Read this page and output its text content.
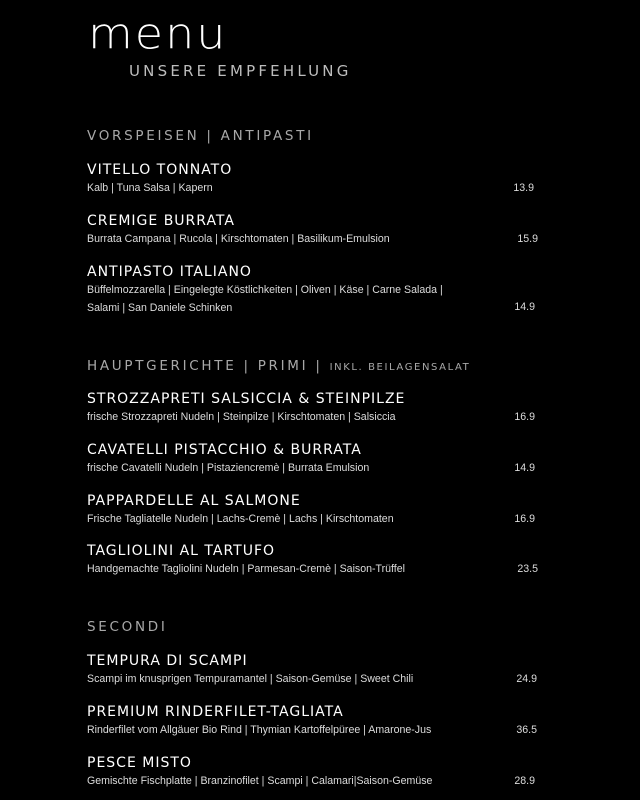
menu
UNSERE EMPFEHLUNG
VORSPEISEN | ANTIPASTI
VITELLO TONNATO
Kalb | Tuna Salsa | Kapern	13.9
CREMIGE BURRATA
Burrata Campana | Rucola | Kirschtomaten | Basilikum-Emulsion	15.9
ANTIPASTO ITALIANO
Büffelmozzarella | Eingelegte Köstlichkeiten | Oliven | Käse | Carne Salada |
Salami | San Daniele Schinken	14.9
HAUPTGERICHTE | PRIMI | INKL. BEILAGENSALAT
STROZZAPRETI SALSICCIA & STEINPILZE
frische Strozzapreti Nudeln | Steinpilze | Kirschtomaten | Salsiccia	16.9
CAVATELLI PISTACCHIO & BURRATA
frische Cavatelli Nudeln | Pistaziencremè | Burrata Emulsion	14.9
PAPPARDELLE AL SALMONE
Frische Tagliatelle Nudeln | Lachs-Cremè | Lachs | Kirschtomaten	16.9
TAGLIOLINI AL TARTUFO
Handgemachte Tagliolini Nudeln | Parmesan-Cremè | Saison-Trüffel	23.5
SECONDI
TEMPURA DI SCAMPI
Scampi im knusprigen Tempuramantel | Saison-Gemüse | Sweet Chili	24.9
PREMIUM RINDERFILET-TAGLIATA
Rinderfilet vom Allgäuer Bio Rind | Thymian Kartoffelpüree | Amarone-Jus	36.5
PESCE MISTO
Gemischte Fischplatte | Branzinofilet | Scampi | Calamari|Saison-Gemüse	28.9
